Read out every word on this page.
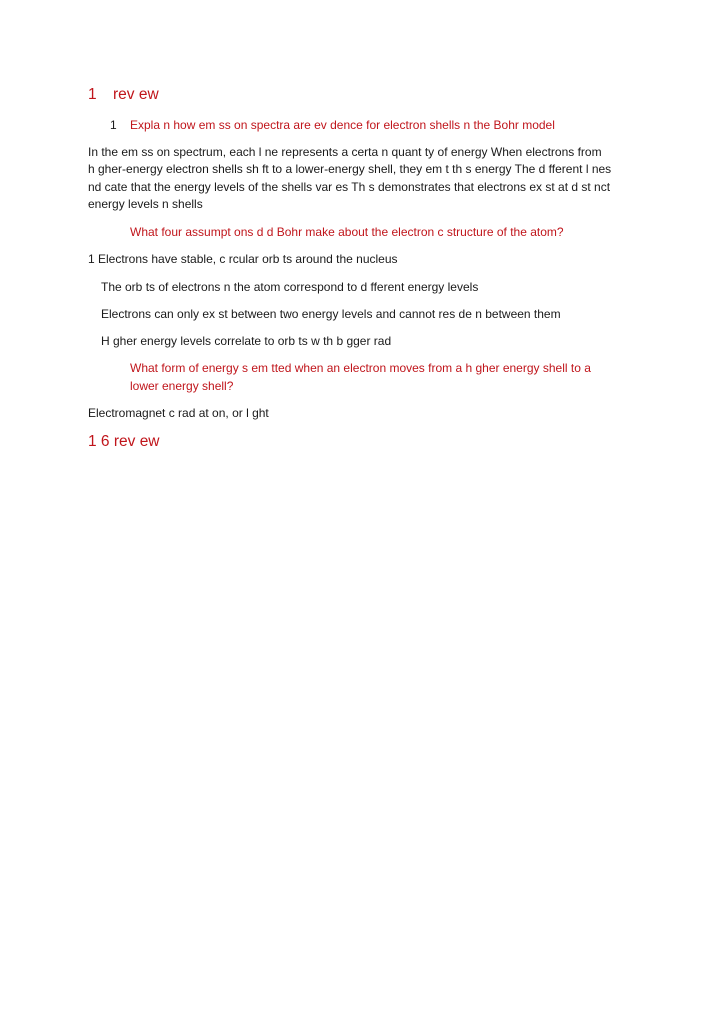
1 rev ew
1 Expla n how em ss on spectra are ev dence for electron shells n the Bohr model
In the em ss on spectrum, each l ne represents a certa n quant ty of energy When electrons from
h gher-energy electron shells sh ft to a lower-energy shell, they em t th s energy The d fferent l nes
nd cate that the energy levels of the shells var es Th s demonstrates that electrons ex st at d st nct
energy levels n shells
What four assumpt ons d d Bohr make about the electron c structure of the atom?
1 Electrons have stable, c rcular orb ts around the nucleus
The orb ts of electrons n the atom correspond to d fferent energy levels
Electrons can only ex st between two energy levels and cannot res de n between them
H gher energy levels correlate to orb ts w th b gger rad
What form of energy s em tted when an electron moves from a h gher energy shell to a
lower energy shell?
Electromagnet c rad at on, or l ght
1 6 rev ew
